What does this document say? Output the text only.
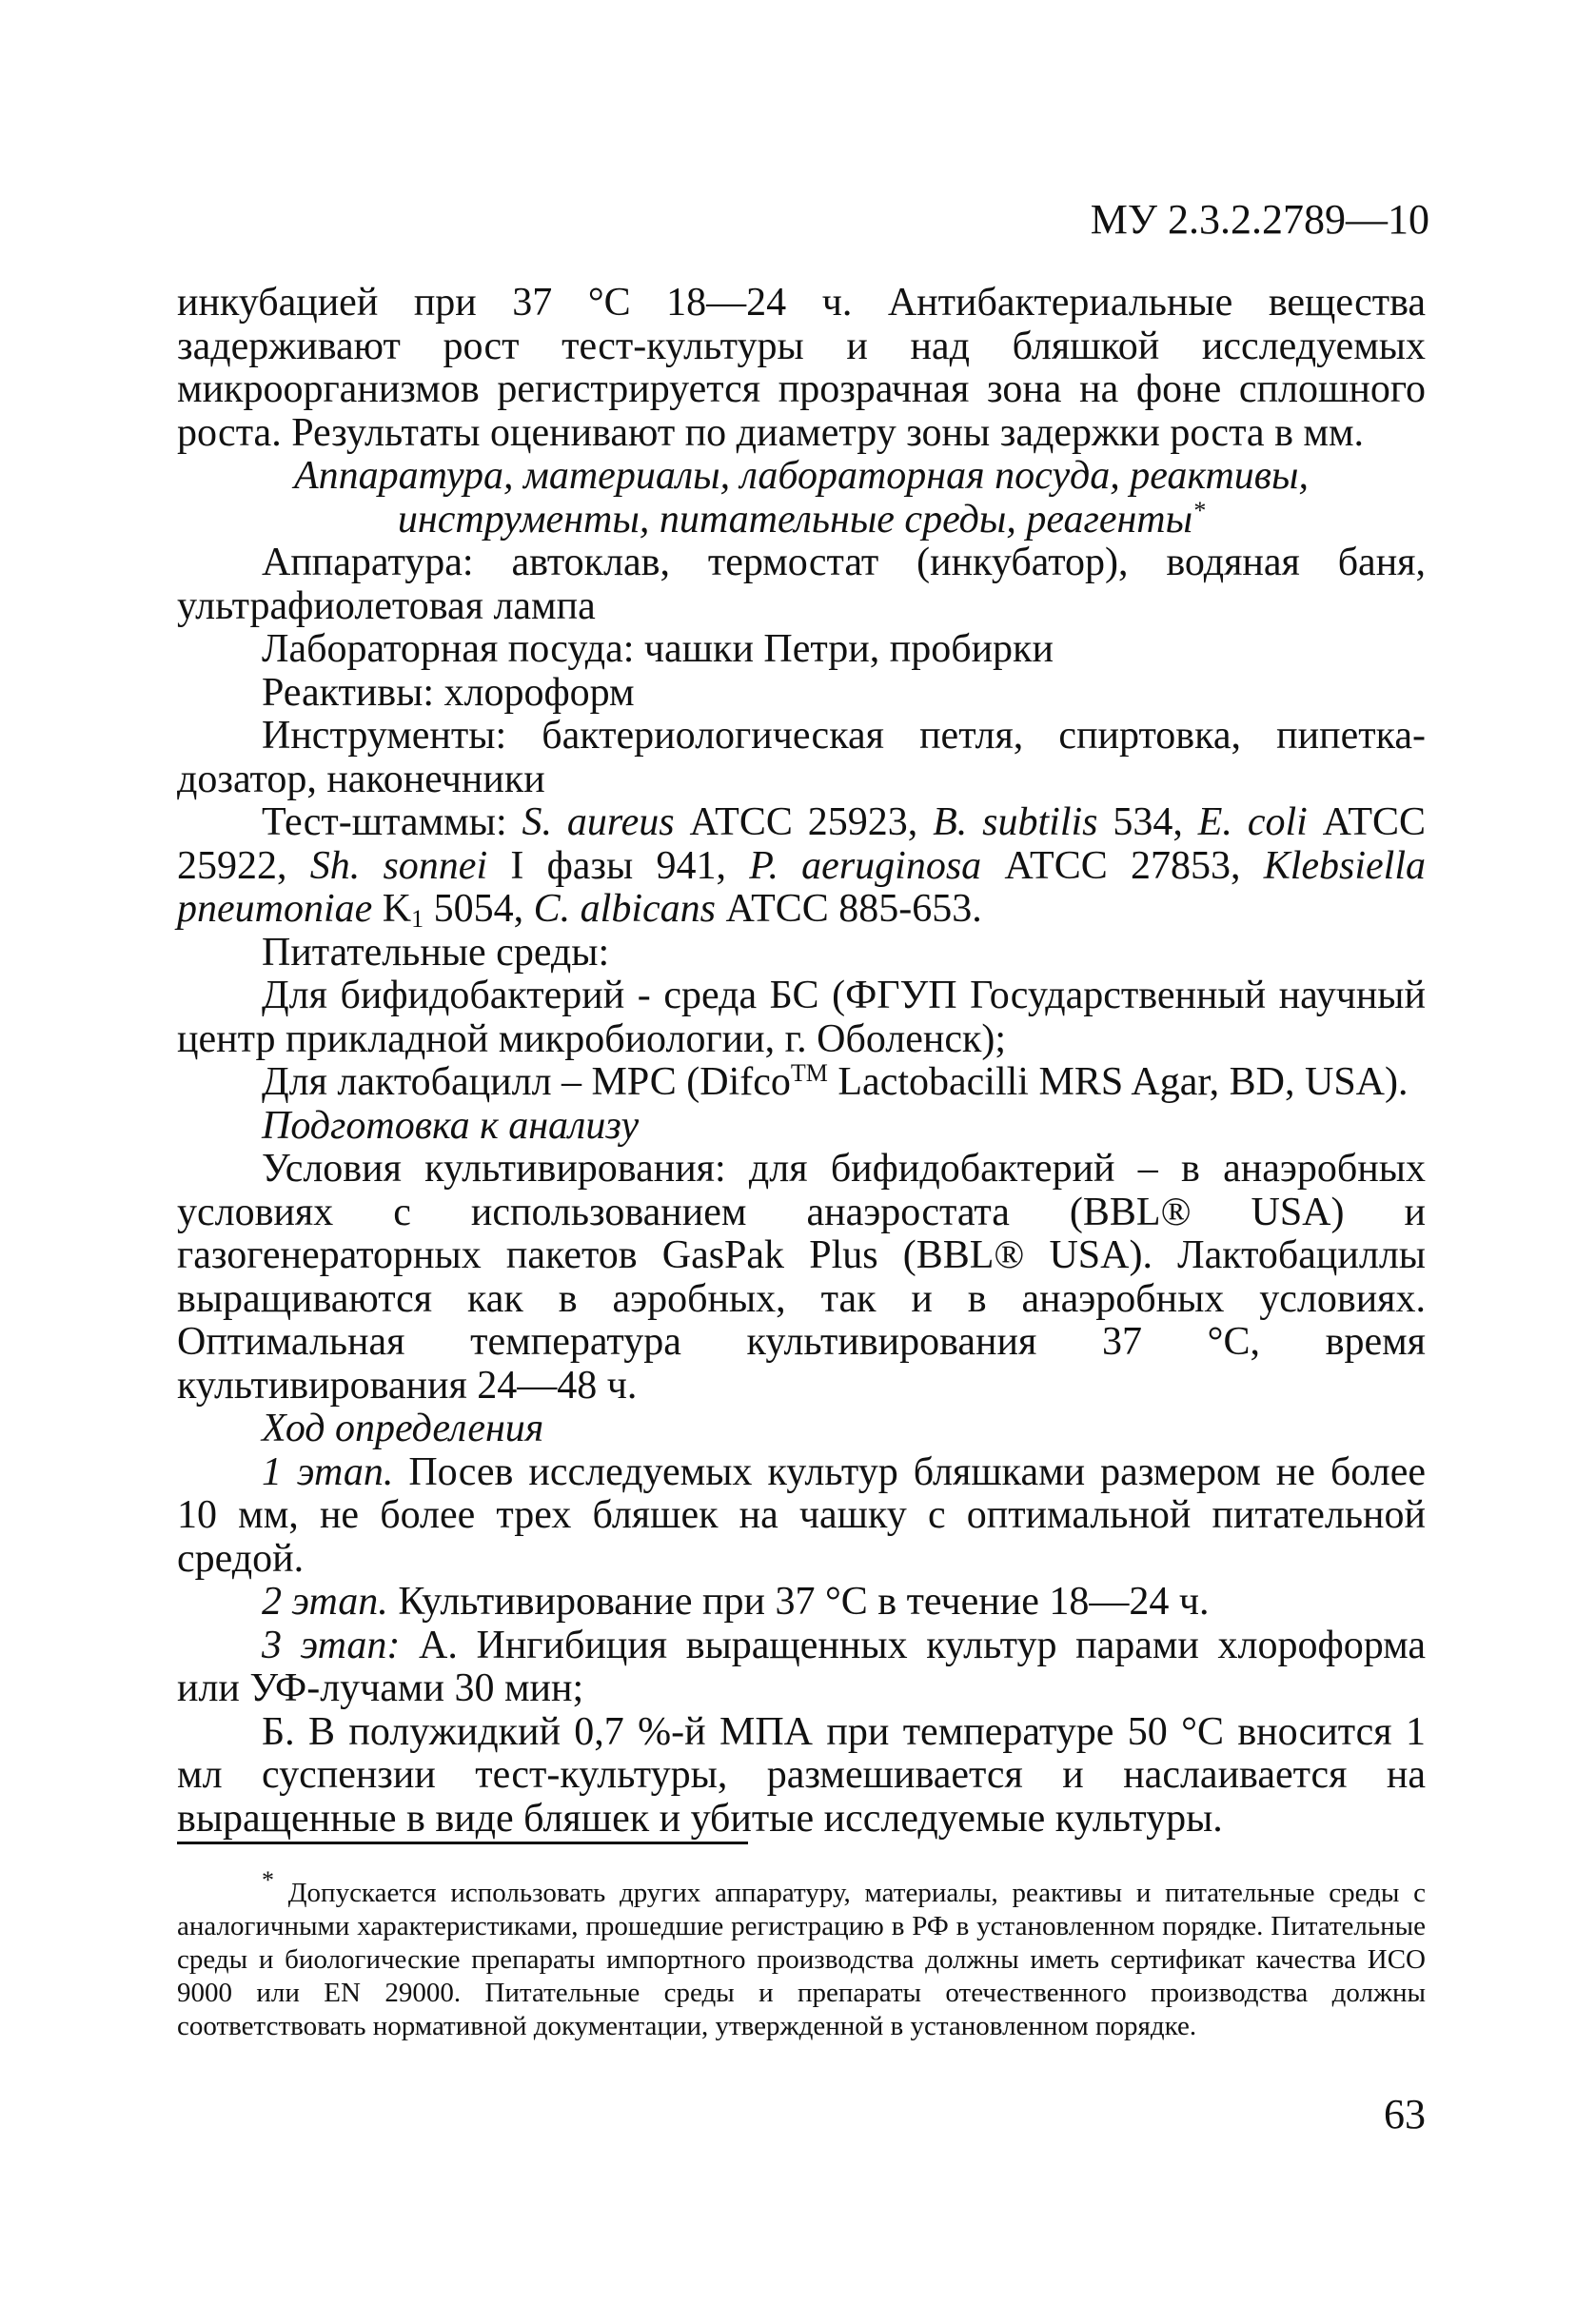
МУ 2.3.2.2789—10

инкубацией при 37 °С 18—24 ч. Антибактериальные вещества задерживают рост тест-культуры и над бляшкой исследуемых микроорганизмов регистрируется прозрачная зона на фоне сплошного роста. Результаты оценивают по диаметру зоны задержки роста в мм.

Аппаратура, материалы, лабораторная посуда, реактивы,

инструменты, питательные среды, реагенты*

Аппаратура: автоклав, термостат (инкубатор), водяная баня, ультрафиолетовая лампа

Лабораторная посуда: чашки Петри, пробирки

Реактивы: хлороформ

Инструменты: бактериологическая петля, спиртовка, пипетка-дозатор, наконечники

Тест-штаммы: S. aureus АТСС 25923, B. subtilis 534, E. coli АТСС 25922, Sh. sonnei I фазы 941, P. aeruginosa АТСС 27853, Klebsiella pneumoniae $K_1$ 5054, C. albicans АТСС 885-653.

Питательные среды:

Для бифидобактерий - среда БС (ФГУП Государственный научный центр прикладной микробиологии, г. Оболенск);

Для лактобацилл – МРС (Difco™ Lactobacilli MRS Agar, BD, USA).

Подготовка к анализу

Условия культивирования: для бифидобактерий – в анаэробных условиях с использованием анаэростата (BBL® USA) и газогенераторных пакетов GasPak Plus (BBL® USA). Лактобациллы выращиваются как в аэробных, так и в анаэробных условиях. Оптимальная температура культивирования 37 °С, время культивирования 24—48 ч.

Ход определения

1 этап. Посев исследуемых культур бляшками размером не более 10 мм, не более трех бляшек на чашку с оптимальной питательной средой.

2 этап. Культивирование при 37 °С в течение 18—24 ч.

3 этап: А. Ингибиция выращенных культур парами хлороформа или УФ-лучами 30 мин;

Б. В полужидкий 0,7 %-й МПА при температуре 50 °С вносится 1 мл суспензии тест-культуры, размешивается и наслаивается на выращенные в виде бляшек и убитые исследуемые культуры.

* Допускается использовать других аппаратуру, материалы, реактивы и питательные среды с аналогичными характеристиками, прошедшие регистрацию в РФ в установленном порядке. Питательные среды и биологические препараты импортного производства должны иметь сертификат качества ИСО 9000 или EN 29000. Питательные среды и препараты отечественного производства должны соответствовать нормативной документации, утвержденной в установленном порядке.

63
